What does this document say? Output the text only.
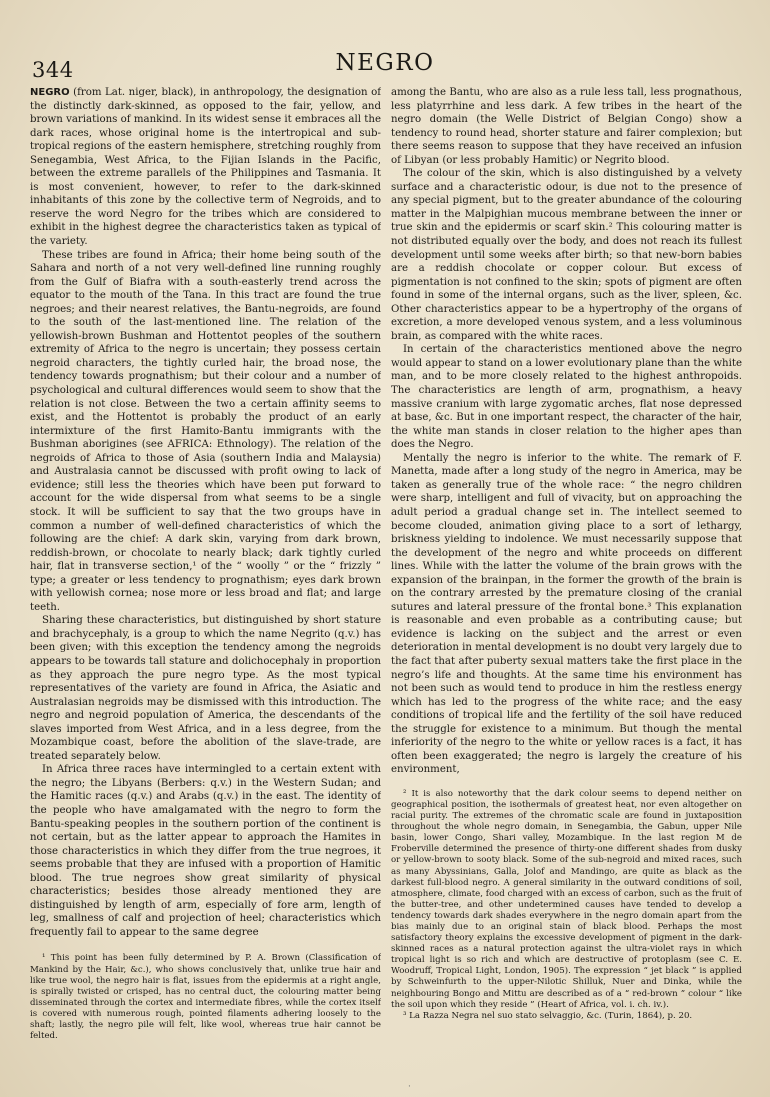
344	NEGRO

NEGRO (from Lat. niger, black), in anthropology, the designation of the distinctly dark-skinned, as opposed to the fair, yellow, and brown variations of mankind. In its widest sense it embraces all the dark races, whose original home is the intertropical and sub-tropical regions of the eastern hemisphere, stretching roughly from Senegambia, West Africa, to the Fijian Islands in the Pacific, between the extreme parallels of the Philippines and Tasmania. It is most convenient, however, to refer to the dark-skinned inhabitants of this zone by the collective term of Negroids, and to reserve the word Negro for the tribes which are considered to exhibit in the highest degree the characteristics taken as typical of the variety.

These tribes are found in Africa; their home being south of the Sahara and north of a not very well-defined line running roughly from the Gulf of Biafra with a south-easterly trend across the equator to the mouth of the Tana. In this tract are found the true negroes; and their nearest relatives, the Bantu-negroids, are found to the south of the last-mentioned line. The relation of the yellowish-brown Bushman and Hottentot peoples of the southern extremity of Africa to the negro is uncertain; they possess certain negroid characters, the tightly curled hair, the broad nose, the tendency towards prognathism; but their colour and a number of psychological and cultural differences would seem to show that the relation is not close. Between the two a certain affinity seems to exist, and the Hottentot is probably the product of an early intermixture of the first Hamito-Bantu immigrants with the Bushman aborigines (see AFRICA: Ethnology). The relation of the negroids of Africa to those of Asia (southern India and Malaysia) and Australasia cannot be discussed with profit owing to lack of evidence; still less the theories which have been put forward to account for the wide dispersal from what seems to be a single stock. It will be sufficient to say that the two groups have in common a number of well-defined characteristics of which the following are the chief: A dark skin, varying from dark brown, reddish-brown, or chocolate to nearly black; dark tightly curled hair, flat in transverse section,¹ of the “ woolly ” or the “ frizzly ” type; a greater or less tendency to prognathism; eyes dark brown with yellowish cornea; nose more or less broad and flat; and large teeth.

Sharing these characteristics, but distinguished by short stature and brachycephaly, is a group to which the name Negrito (q.v.) has been given; with this exception the tendency among the negroids appears to be towards tall stature and dolichocephaly in proportion as they approach the pure negro type. As the most typical representatives of the variety are found in Africa, the Asiatic and Australasian negroids may be dismissed with this introduction. The negro and negroid population of America, the descendants of the slaves imported from West Africa, and in a less degree, from the Mozambique coast, before the abolition of the slave-trade, are treated separately below.

In Africa three races have intermingled to a certain extent with the negro; the Libyans (Berbers: q.v.) in the Western Sudan; and the Hamitic races (q.v.) and Arabs (q.v.) in the east. The identity of the people who have amalgamated with the negro to form the Bantu-speaking peoples in the southern portion of the continent is not certain, but as the latter appear to approach the Hamites in those characteristics in which they differ from the true negroes, it seems probable that they are infused with a proportion of Hamitic blood. The true negroes show great similarity of physical characteristics; besides those already mentioned they are distinguished by length of arm, especially of fore arm, length of leg, smallness of calf and projection of heel; characteristics which frequently fail to appear to the same degree

¹ This point has been fully determined by P. A. Brown (Classification of Mankind by the Hair, &c.), who shows conclusively that, unlike true hair and like true wool, the negro hair is flat, issues from the epidermis at a right angle, is spirally twisted or crisped, has no central duct, the colouring matter being disseminated through the cortex and intermediate fibres, while the cortex itself is covered with numerous rough, pointed filaments adhering loosely to the shaft; lastly, the negro pile will felt, like wool, whereas true hair cannot be felted.

among the Bantu, who are also as a rule less tall, less prognathous, less platyrrhine and less dark. A few tribes in the heart of the negro domain (the Welle District of Belgian Congo) show a tendency to round head, shorter stature and fairer complexion; but there seems reason to suppose that they have received an infusion of Libyan (or less probably Hamitic) or Negrito blood.

The colour of the skin, which is also distinguished by a velvety surface and a characteristic odour, is due not to the presence of any special pigment, but to the greater abundance of the colouring matter in the Malpighian mucous membrane between the inner or true skin and the epidermis or scarf skin.² This colouring matter is not distributed equally over the body, and does not reach its fullest development until some weeks after birth; so that new-born babies are a reddish chocolate or copper colour. But excess of pigmentation is not confined to the skin; spots of pigment are often found in some of the internal organs, such as the liver, spleen, &c. Other characteristics appear to be a hypertrophy of the organs of excretion, a more developed venous system, and a less voluminous brain, as compared with the white races.

In certain of the characteristics mentioned above the negro would appear to stand on a lower evolutionary plane than the white man, and to be more closely related to the highest anthropoids. The characteristics are length of arm, prognathism, a heavy massive cranium with large zygomatic arches, flat nose depressed at base, &c. But in one important respect, the character of the hair, the white man stands in closer relation to the higher apes than does the Negro.

Mentally the negro is inferior to the white. The remark of F. Manetta, made after a long study of the negro in America, may be taken as generally true of the whole race: “ the negro children were sharp, intelligent and full of vivacity, but on approaching the adult period a gradual change set in. The intellect seemed to become clouded, animation giving place to a sort of lethargy, briskness yielding to indolence. We must necessarily suppose that the development of the negro and white proceeds on different lines. While with the latter the volume of the brain grows with the expansion of the brainpan, in the former the growth of the brain is on the contrary arrested by the premature closing of the cranial sutures and lateral pressure of the frontal bone.³ This explanation is reasonable and even probable as a contributing cause; but evidence is lacking on the subject and the arrest or even deterioration in mental development is no doubt very largely due to the fact that after puberty sexual matters take the first place in the negro’s life and thoughts. At the same time his environment has not been such as would tend to produce in him the restless energy which has led to the progress of the white race; and the easy conditions of tropical life and the fertility of the soil have reduced the struggle for existence to a minimum. But though the mental inferiority of the negro to the white or yellow races is a fact, it has often been exaggerated; the negro is largely the creature of his environment,

² It is also noteworthy that the dark colour seems to depend neither on geographical position, the isothermals of greatest heat, nor even altogether on racial purity. The extremes of the chromatic scale are found in juxtaposition throughout the whole negro domain, in Senegambia, the Gabun, upper Nile basin, lower Congo, Shari valley, Mozambique. In the last region M de Froberville determined the presence of thirty-one different shades from dusky or yellow-brown to sooty black. Some of the sub-negroid and mixed races, such as many Abyssinians, Galla, Jolof and Mandingo, are quite as black as the darkest full-blood negro. A general similarity in the outward conditions of soil, atmosphere, climate, food charged with an excess of carbon, such as the fruit of the butter-tree, and other undetermined causes have tended to develop a tendency towards dark shades everywhere in the negro domain apart from the bias mainly due to an original stain of black blood. Perhaps the most satisfactory theory explains the excessive development of pigment in the dark-skinned races as a natural protection against the ultra-violet rays in which tropical light is so rich and which are destructive of protoplasm (see C. E. Woodruff, Tropical Light, London, 1905). The expression “ jet black ” is applied by Schweinfurth to the upper-Nilotic Shilluk, Nuer and Dinka, while the neighbouring Bongo and Mittu are described as of a “ red-brown ” colour “ like the soil upon which they reside ” (Heart of Africa, vol. i. ch. iv.).

³ La Razza Negra nel suo stato selvaggio, &c. (Turin, 1864), p. 20.

·
